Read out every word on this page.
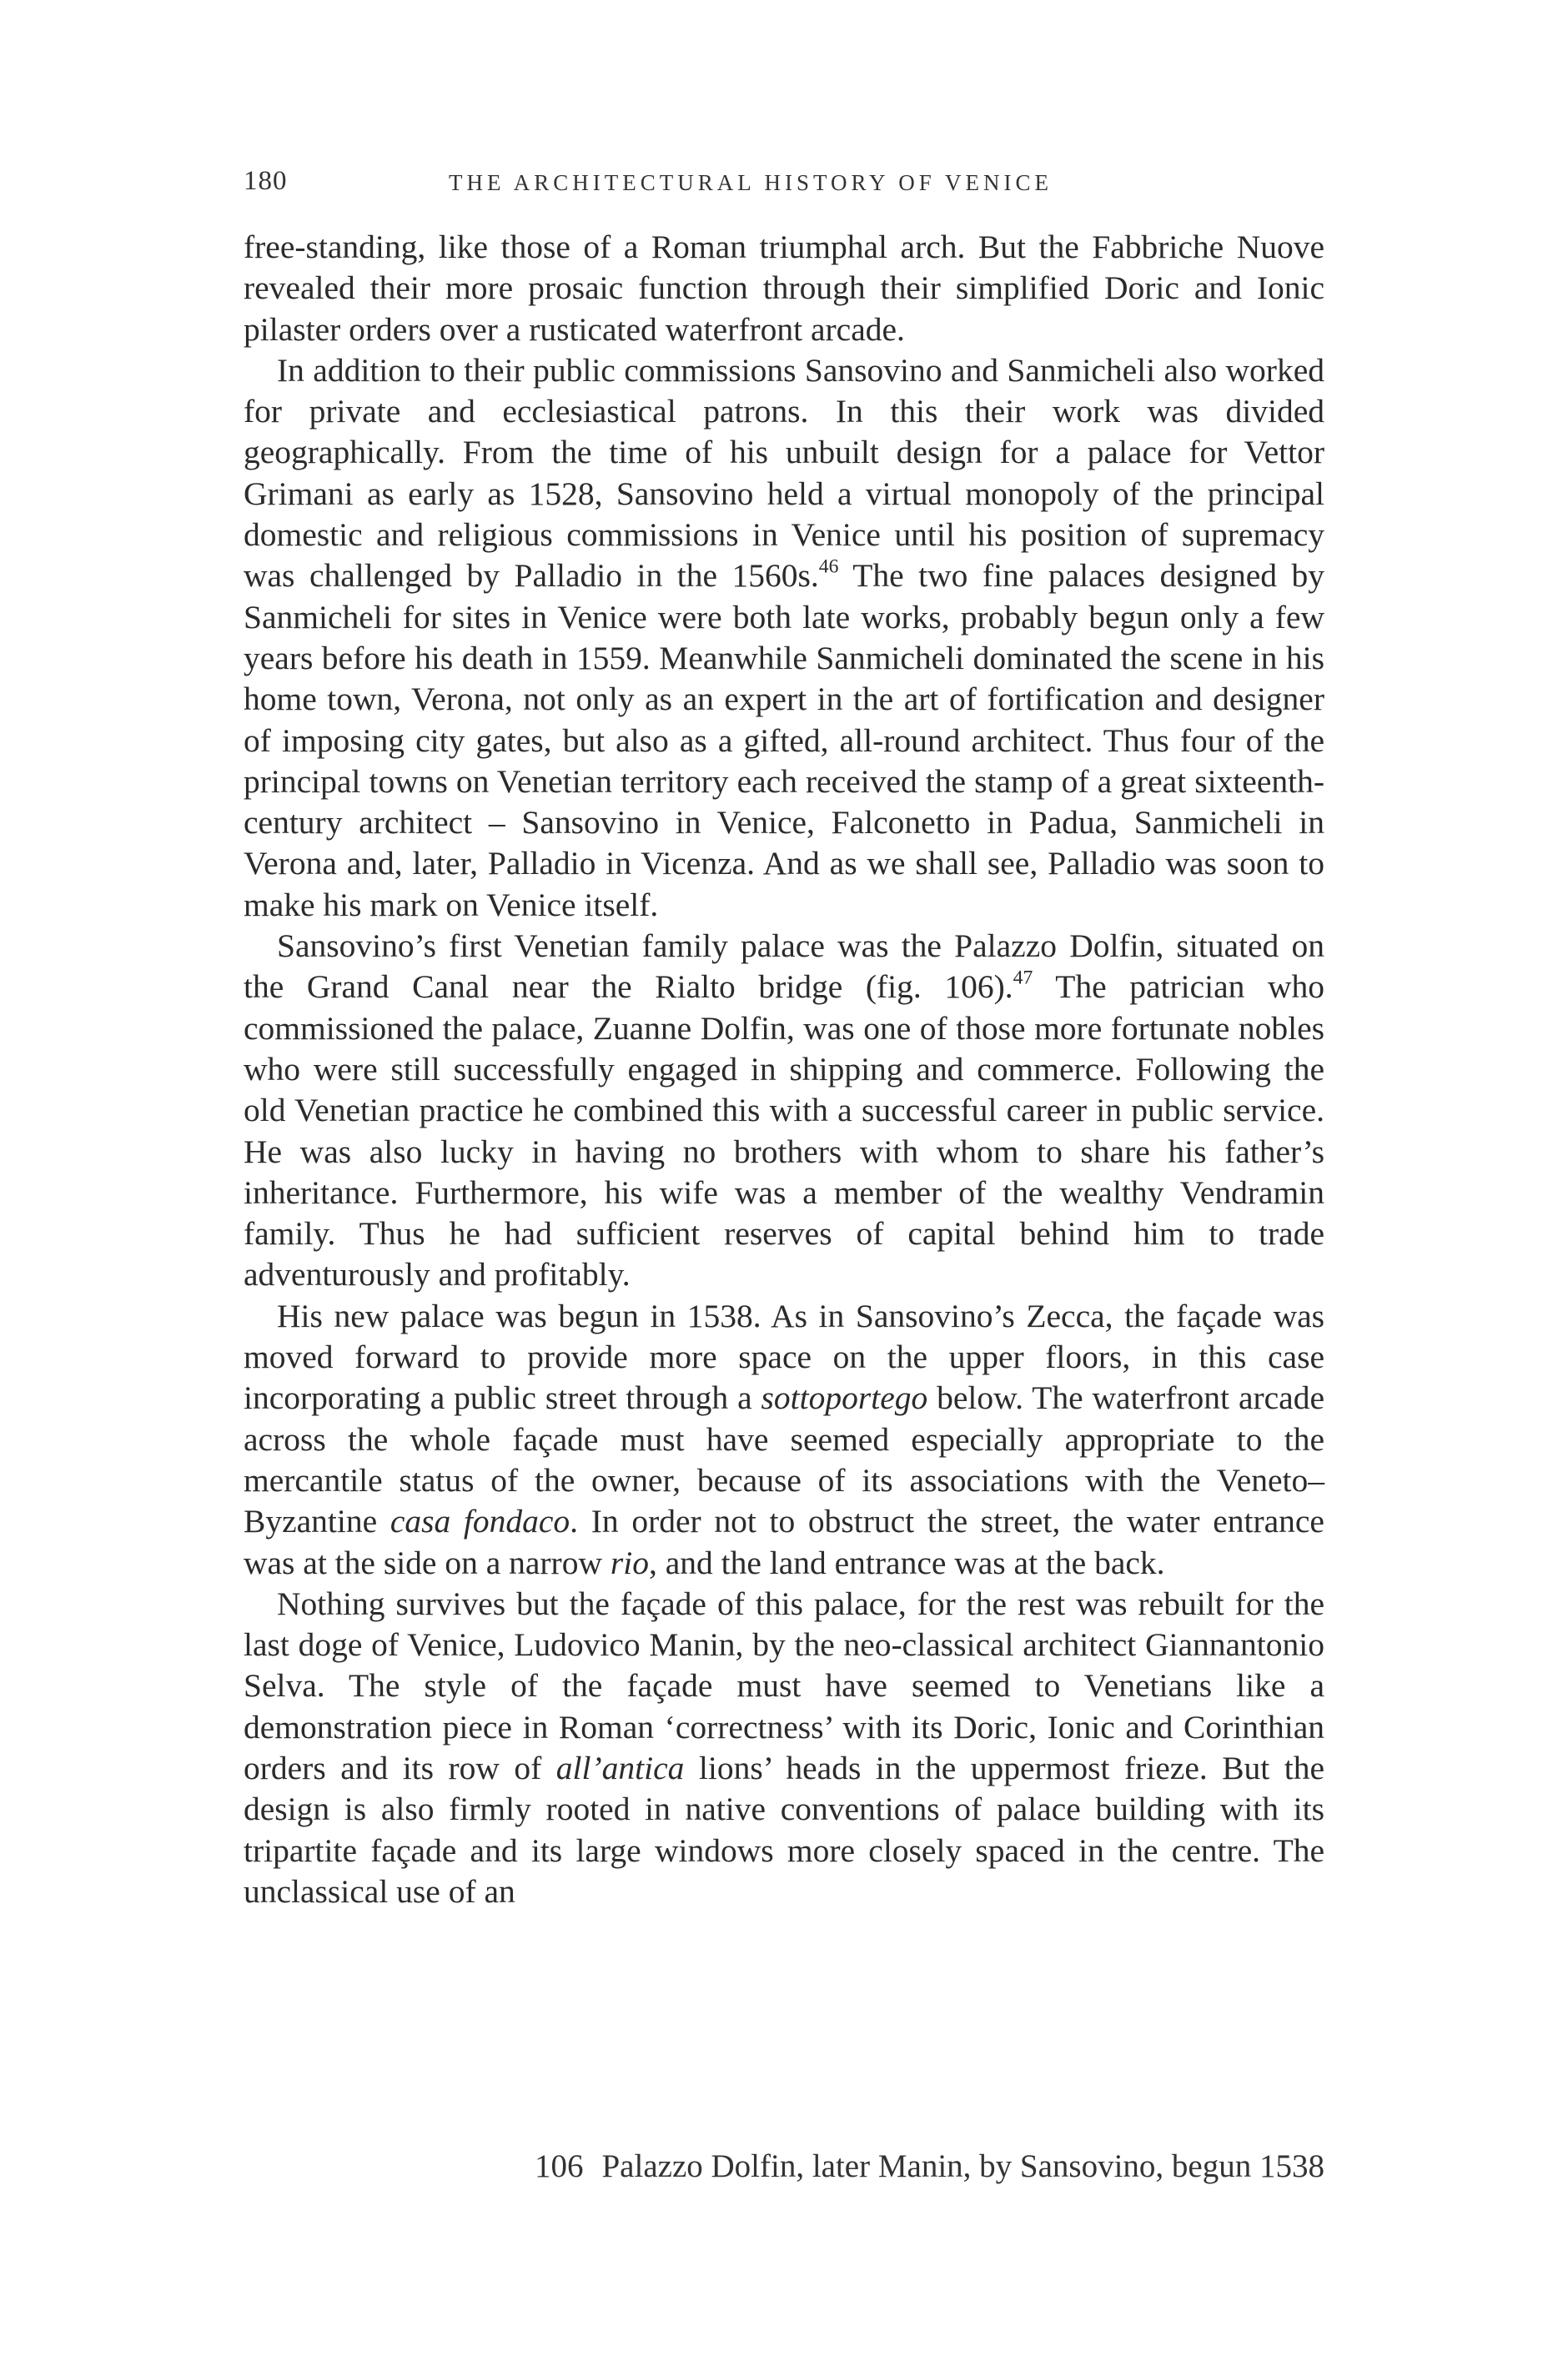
180	THE ARCHITECTURAL HISTORY OF VENICE

free-standing, like those of a Roman triumphal arch. But the Fabbriche Nuove revealed their more prosaic function through their simplified Doric and Ionic pilaster orders over a rusticated waterfront arcade.

In addition to their public commissions Sansovino and Sanmicheli also worked for private and ecclesiastical patrons. In this their work was divided geographically. From the time of his unbuilt design for a palace for Vettor Grimani as early as 1528, Sansovino held a virtual monopoly of the principal domestic and religious commissions in Venice until his position of supremacy was challenged by Palladio in the 1560s.$^{46}$ The two fine palaces designed by Sanmicheli for sites in Venice were both late works, probably begun only a few years before his death in 1559. Meanwhile Sanmicheli dominated the scene in his home town, Verona, not only as an expert in the art of fortification and designer of imposing city gates, but also as a gifted, all-round architect. Thus four of the principal towns on Venetian territory each received the stamp of a great sixteenth-century architect – Sansovino in Venice, Falconetto in Padua, Sanmicheli in Verona and, later, Palladio in Vicenza. And as we shall see, Palladio was soon to make his mark on Venice itself.

Sansovino’s first Venetian family palace was the Palazzo Dolfin, situated on the Grand Canal near the Rialto bridge (fig. 106).$^{47}$ The patrician who commissioned the palace, Zuanne Dolfin, was one of those more fortunate nobles who were still successfully engaged in shipping and commerce. Following the old Venetian practice he combined this with a successful career in public service. He was also lucky in having no brothers with whom to share his father’s inheritance. Furthermore, his wife was a member of the wealthy Vendramin family. Thus he had sufficient reserves of capital behind him to trade adventurously and profitably.

His new palace was begun in 1538. As in Sansovino’s Zecca, the façade was moved forward to provide more space on the upper floors, in this case incorporating a public street through a sottoportego below. The waterfront arcade across the whole façade must have seemed especially appropriate to the mercantile status of the owner, because of its associations with the Veneto–Byzantine casa fondaco. In order not to obstruct the street, the water entrance was at the side on a narrow rio, and the land entrance was at the back.

Nothing survives but the façade of this palace, for the rest was rebuilt for the last doge of Venice, Ludovico Manin, by the neo-classical architect Giannantonio Selva. The style of the façade must have seemed to Venetians like a demonstration piece in Roman ‘correctness’ with its Doric, Ionic and Corinthian orders and its row of all’antica lions’ heads in the uppermost frieze. But the design is also firmly rooted in native conventions of palace building with its tripartite façade and its large windows more closely spaced in the centre. The unclassical use of an

106 Palazzo Dolfin, later Manin, by Sansovino, begun 1538
